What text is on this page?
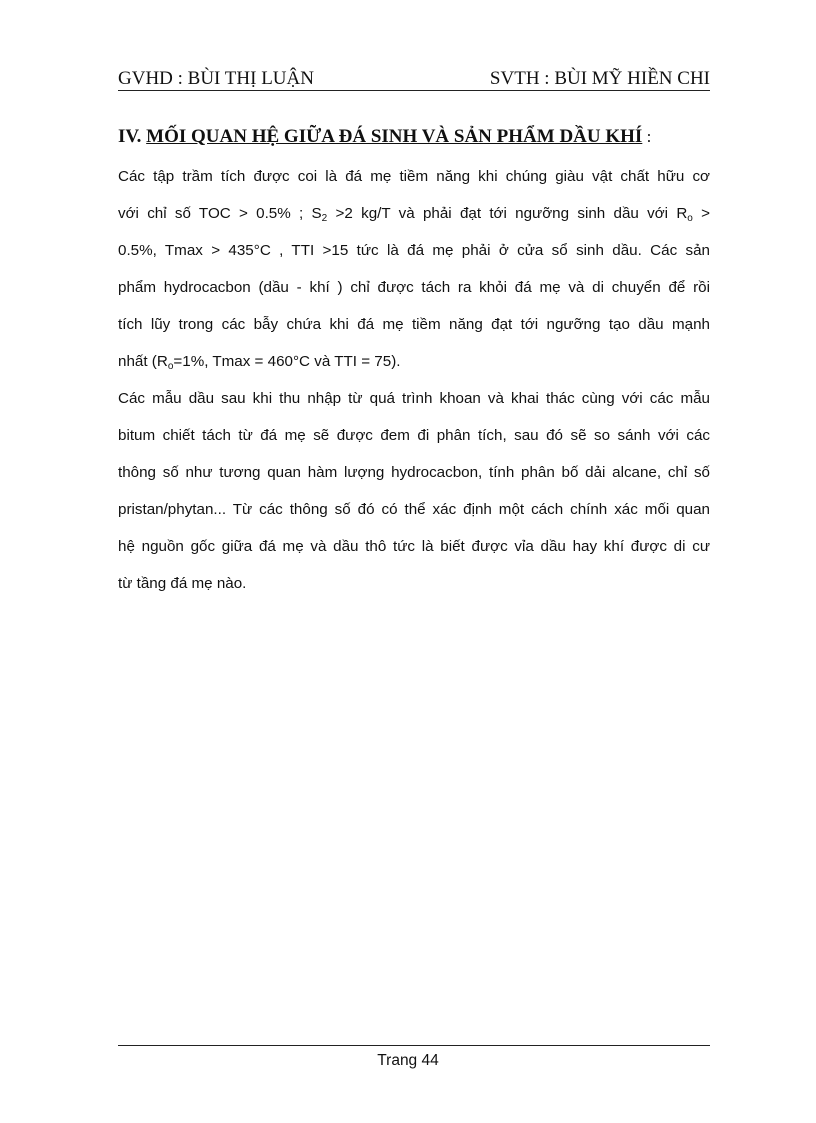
GVHD : BÙI THỊ LUẬN	SVTH : BÙI MỸ HIỀN CHI
IV. MỐI QUAN HỆ GIỮA ĐÁ SINH VÀ SẢN PHẨM DẦU KHÍ :
Các tập trầm tích được coi là đá mẹ tiềm năng khi chúng giàu vật chất hữu cơ
với chỉ số TOC > 0.5% ; $S_2 >2$ kg/T và phải đạt tới ngưỡng sinh dầu với $R_o$ >
0.5%, Tmax > 435°C , TTI >15 tức là đá mẹ phải ở cửa sổ sinh dầu. Các sản
phẩm hydrocacbon (dầu - khí ) chỉ được tách ra khỏi đá mẹ và di chuyển để rồi
tích lũy trong các bẫy chứa khi đá mẹ tiềm năng đạt tới ngưỡng tạo dầu mạnh
nhất ($R_o=1\%$, Tmax = 460°C và TTI = 75).
Các mẫu dầu sau khi thu nhập từ quá trình khoan và khai thác cùng với các mẫu
bitum chiết tách từ đá mẹ sẽ được đem đi phân tích, sau đó sẽ so sánh với các
thông số như tương quan hàm lượng hydrocacbon, tính phân bố dải alcane, chỉ số
pristan/phytan... Từ các thông số đó có thể xác định một cách chính xác mối quan
hệ nguồn gốc giữa đá mẹ và dầu thô tức là biết được vỉa dầu hay khí được di cư
từ tầng đá mẹ nào.
Trang 44
